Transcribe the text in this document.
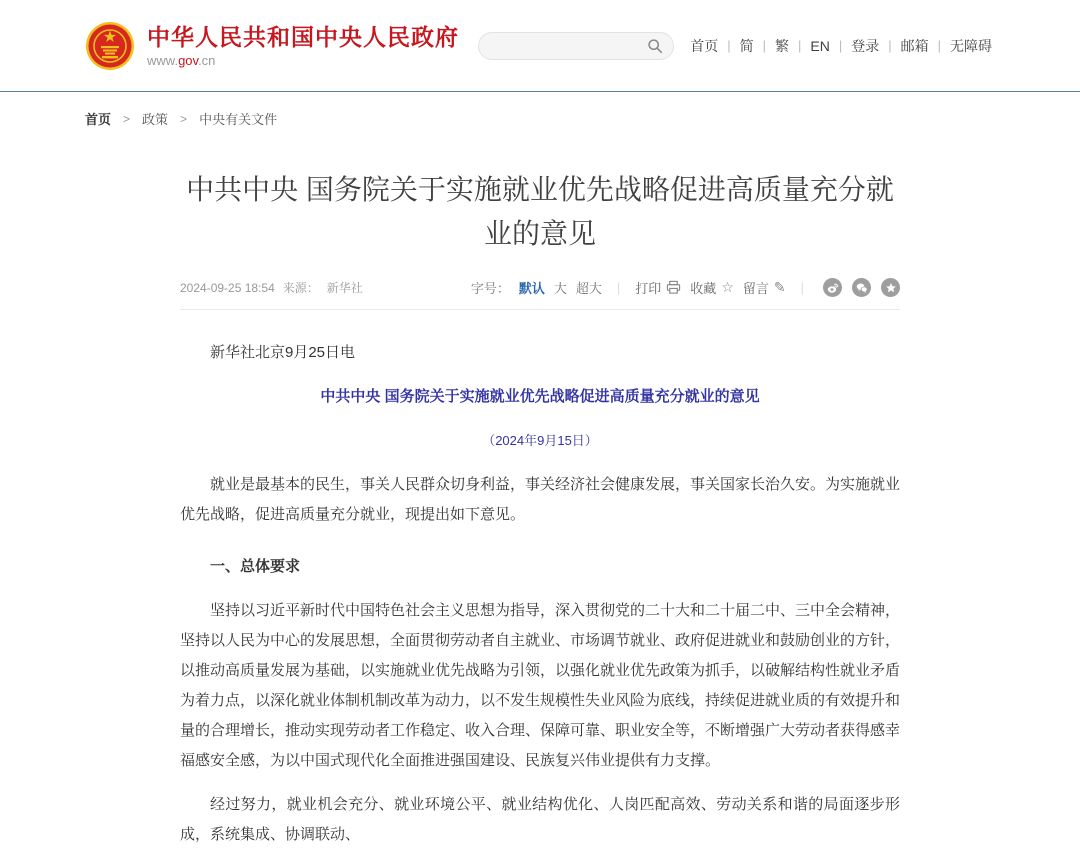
中华人民共和国中央人民政府
www.gov.cn
首页 | 简 | 繁 | EN | 登录 | 邮箱 | 无障碍
首页 > 政策 > 中央有关文件
中共中央 国务院关于实施就业优先战略促进高质量充分就业的意见
2024-09-25 18:54 来源： 新华社	字号： 默认 大 超大 | 打印 收藏 ☆ 留言 ✎ |

新华社北京9月25日电

中共中央 国务院关于实施就业优先战略促进高质量充分就业的意见

（2024年9月15日）

就业是最基本的民生，事关人民群众切身利益，事关经济社会健康发展，事关国家长治久安。为实施就业优先战略，促进高质量充分就业，现提出如下意见。

一、总体要求

坚持以习近平新时代中国特色社会主义思想为指导，深入贯彻党的二十大和二十届二中、三中全会精神，坚持以人民为中心的发展思想，全面贯彻劳动者自主就业、市场调节就业、政府促进就业和鼓励创业的方针，以推动高质量发展为基础，以实施就业优先战略为引领，以强化就业优先政策为抓手，以破解结构性就业矛盾为着力点，以深化就业体制机制改革为动力，以不发生规模性失业风险为底线，持续促进就业质的有效提升和量的合理增长，推动实现劳动者工作稳定、收入合理、保障可靠、职业安全等，不断增强广大劳动者获得感幸福感安全感，为以中国式现代化全面推进强国建设、民族复兴伟业提供有力支撑。

经过努力，就业机会充分、就业环境公平、就业结构优化、人岗匹配高效、劳动关系和谐的局面逐步形成，系统集成、协调联动、
